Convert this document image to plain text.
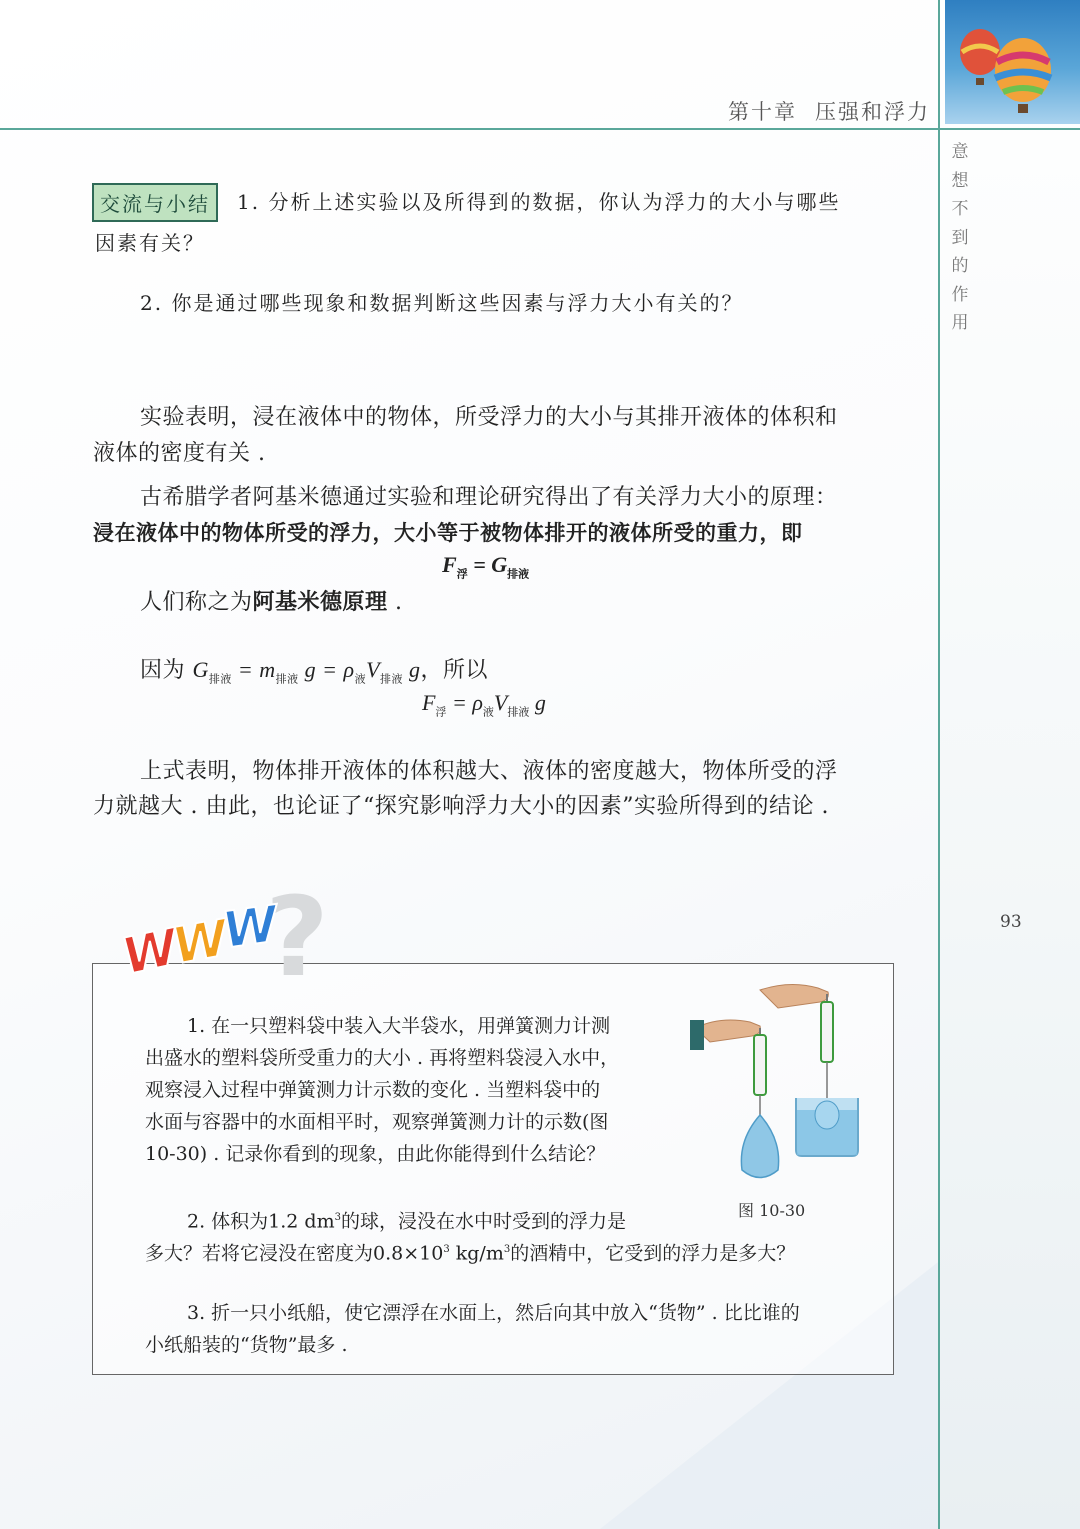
第十章 压强和浮力
意
想
不
到
的
作
用
93
交流与小结	1. 分析上述实验以及所得到的数据，你认为浮力的大小与哪些
因素有关？
2. 你是通过哪些现象和数据判断这些因素与浮力大小有关的？
实验表明，浸在液体中的物体，所受浮力的大小与其排开液体的体积和
液体的密度有关 .
古希腊学者阿基米德通过实验和理论研究得出了有关浮力大小的原理：
浸在液体中的物体所受的浮力，大小等于被物体排开的液体所受的重力，即
$F_浮 = G_{排液}$
人们称之为阿基米德原理 .
因为 $G_{排液} = m_{排液}$ $g = \rho_液V_{排液}$ g，所以
$F_浮 = \rho_液V_{排液}$ g
上式表明，物体排开液体的体积越大、液体的密度越大，物体所受的浮
力就越大 . 由此，也论证了“探究影响浮力大小的因素”实验所得到的结论 .
?
W
W
W
1. 在一只塑料袋中装入大半袋水，用弹簧测力计测
出盛水的塑料袋所受重力的大小 . 再将塑料袋浸入水中，
观察浸入过程中弹簧测力计示数的变化 . 当塑料袋中的
水面与容器中的水面相平时，观察弹簧测力计的示数(图
10-30) . 记录你看到的现象，由此你能得到什么结论？
2. 体积为1.2 $dm^3$的球，浸没在水中时受到的浮力是
多大？若将它浸没在密度为$0.8\times 10^3$ $kg/m^3$的酒精中，它受到的浮力是多大？
3. 折一只小纸船，使它漂浮在水面上，然后向其中放入“货物” . 比比谁的
小纸船装的“货物”最多 .
图 10-30
